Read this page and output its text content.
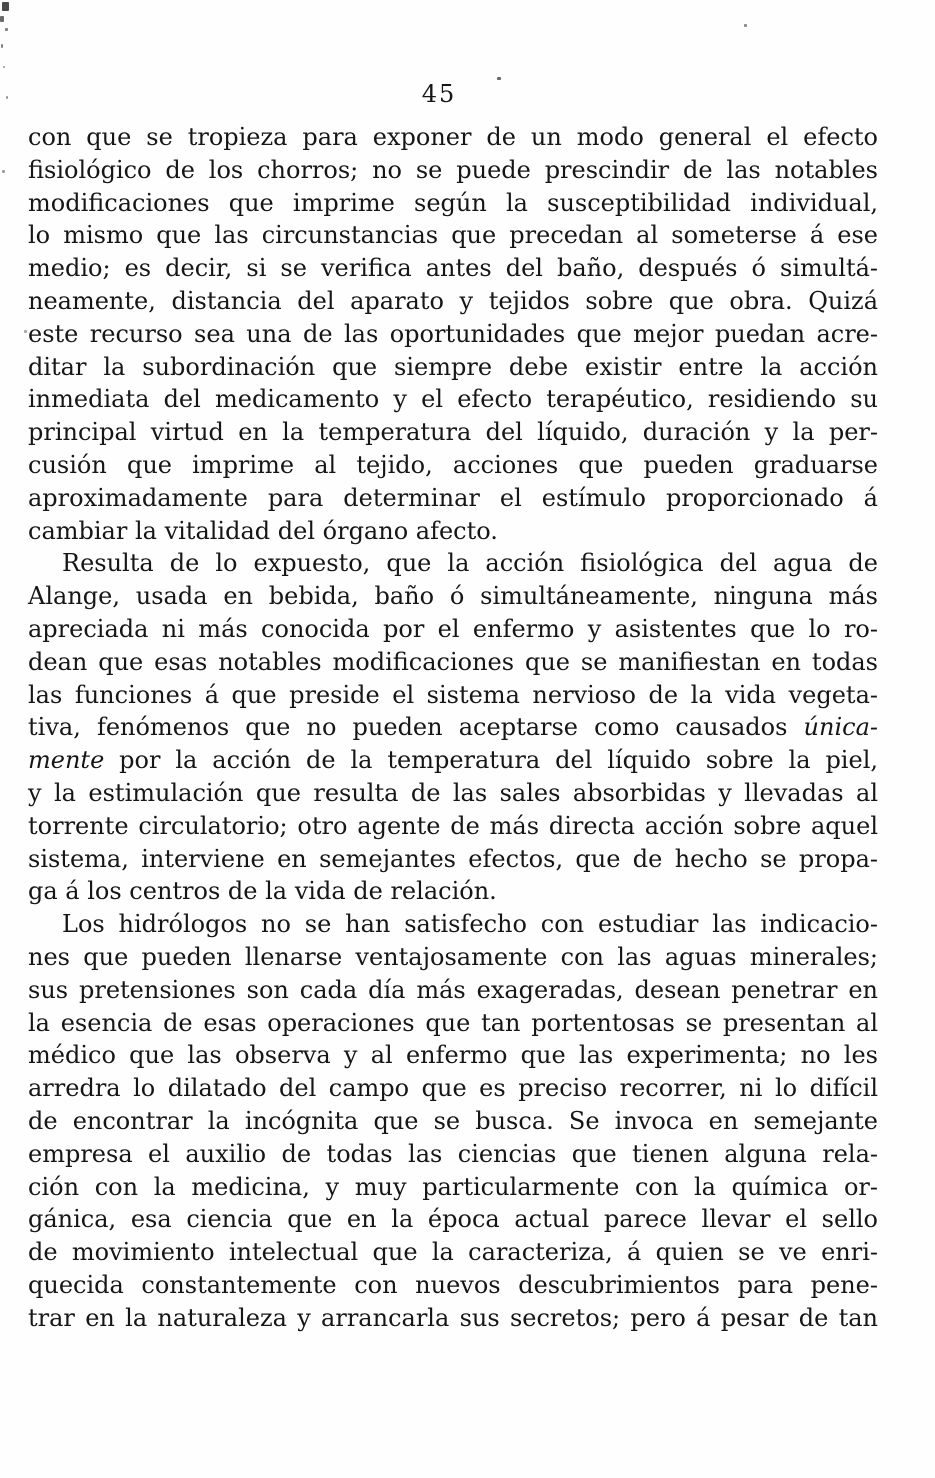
45
con que se tropieza para exponer de un modo general el efecto
fisiológico de los chorros; no se puede prescindir de las notables
modificaciones que imprime según la susceptibilidad individual,
lo mismo que las circunstancias que precedan al someterse á ese
medio; es decir, si se verifica antes del baño, después ó simultá-
neamente, distancia del aparato y tejidos sobre que obra. Quizá
este recurso sea una de las oportunidades que mejor puedan acre-
ditar la subordinación que siempre debe existir entre la acción
inmediata del medicamento y el efecto terapéutico, residiendo su
principal virtud en la temperatura del líquido, duración y la per-
cusión que imprime al tejido, acciones que pueden graduarse
aproximadamente para determinar el estímulo proporcionado á
cambiar la vitalidad del órgano afecto.
Resulta de lo expuesto, que la acción fisiológica del agua de
Alange, usada en bebida, baño ó simultáneamente, ninguna más
apreciada ni más conocida por el enfermo y asistentes que lo ro-
dean que esas notables modificaciones que se manifiestan en todas
las funciones á que preside el sistema nervioso de la vida vegeta-
tiva, fenómenos que no pueden aceptarse como causados única-
mente por la acción de la temperatura del líquido sobre la piel,
y la estimulación que resulta de las sales absorbidas y llevadas al
torrente circulatorio; otro agente de más directa acción sobre aquel
sistema, interviene en semejantes efectos, que de hecho se propa-
ga á los centros de la vida de relación.
Los hidrólogos no se han satisfecho con estudiar las indicacio-
nes que pueden llenarse ventajosamente con las aguas minerales;
sus pretensiones son cada día más exageradas, desean penetrar en
la esencia de esas operaciones que tan portentosas se presentan al
médico que las observa y al enfermo que las experimenta; no les
arredra lo dilatado del campo que es preciso recorrer, ni lo difícil
de encontrar la incógnita que se busca. Se invoca en semejante
empresa el auxilio de todas las ciencias que tienen alguna rela-
ción con la medicina, y muy particularmente con la química or-
gánica, esa ciencia que en la época actual parece llevar el sello
de movimiento intelectual que la caracteriza, á quien se ve enri-
quecida constantemente con nuevos descubrimientos para pene-
trar en la naturaleza y arrancarla sus secretos; pero á pesar de tan
